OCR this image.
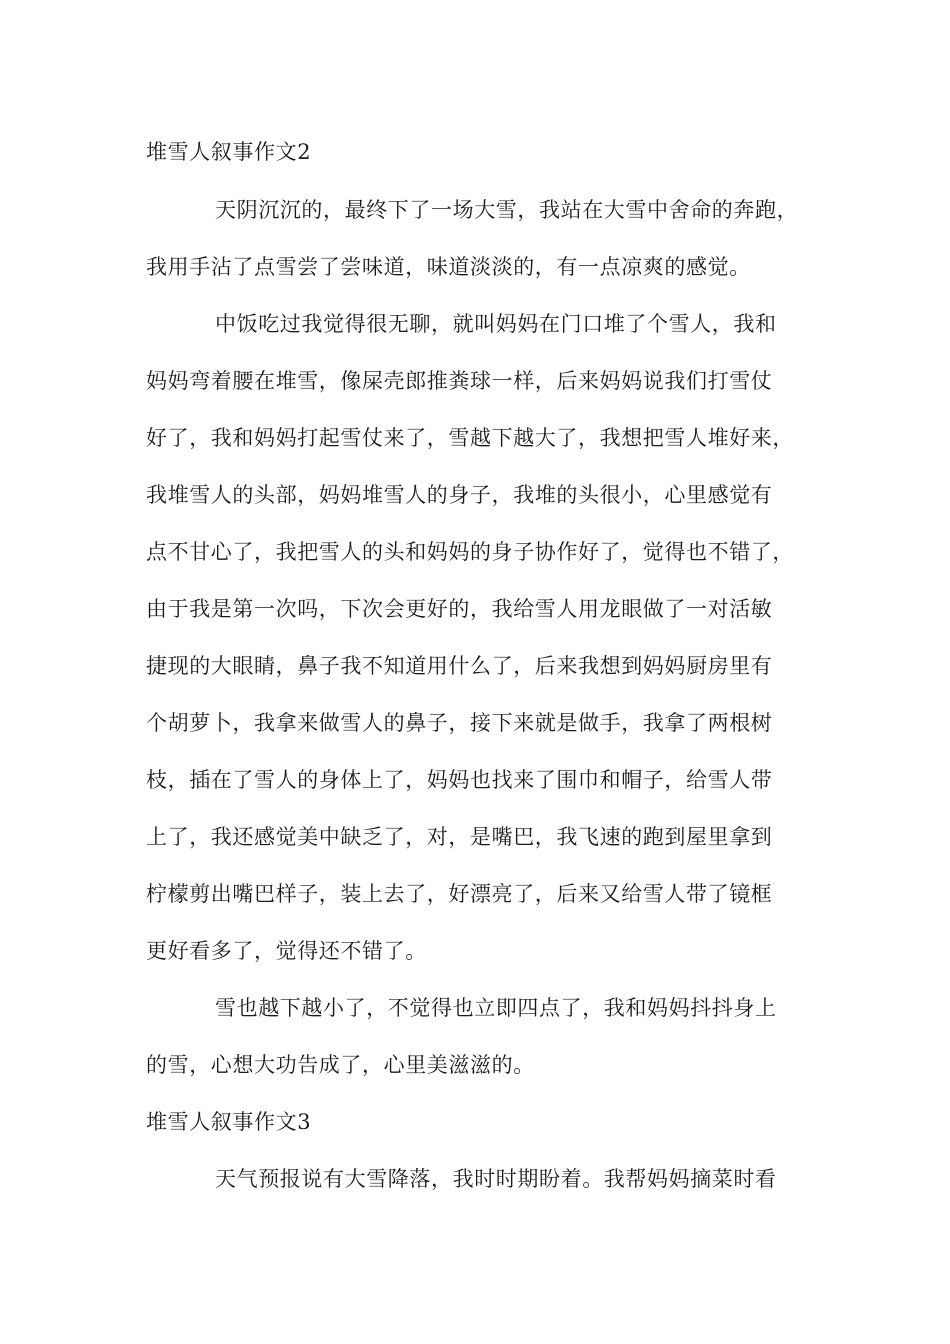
堆雪人叙事作文2
天阴沉沉的，最终下了一场大雪，我站在大雪中舍命的奔跑，
我用手沾了点雪尝了尝味道，味道淡淡的，有一点凉爽的感觉。
中饭吃过我觉得很无聊，就叫妈妈在门口堆了个雪人，我和
妈妈弯着腰在堆雪，像屎壳郎推粪球一样，后来妈妈说我们打雪仗
好了，我和妈妈打起雪仗来了，雪越下越大了，我想把雪人堆好来，
我堆雪人的头部，妈妈堆雪人的身子，我堆的头很小，心里感觉有
点不甘心了，我把雪人的头和妈妈的身子协作好了，觉得也不错了，
由于我是第一次吗，下次会更好的，我给雪人用龙眼做了一对活敏
捷现的大眼睛，鼻子我不知道用什么了，后来我想到妈妈厨房里有
个胡萝卜，我拿来做雪人的鼻子，接下来就是做手，我拿了两根树
枝，插在了雪人的身体上了，妈妈也找来了围巾和帽子，给雪人带
上了，我还感觉美中缺乏了，对，是嘴巴，我飞速的跑到屋里拿到
柠檬剪出嘴巴样子，装上去了，好漂亮了，后来又给雪人带了镜框
更好看多了，觉得还不错了。
雪也越下越小了，不觉得也立即四点了，我和妈妈抖抖身上
的雪，心想大功告成了，心里美滋滋的。
堆雪人叙事作文3
天气预报说有大雪降落，我时时期盼着。我帮妈妈摘菜时看
